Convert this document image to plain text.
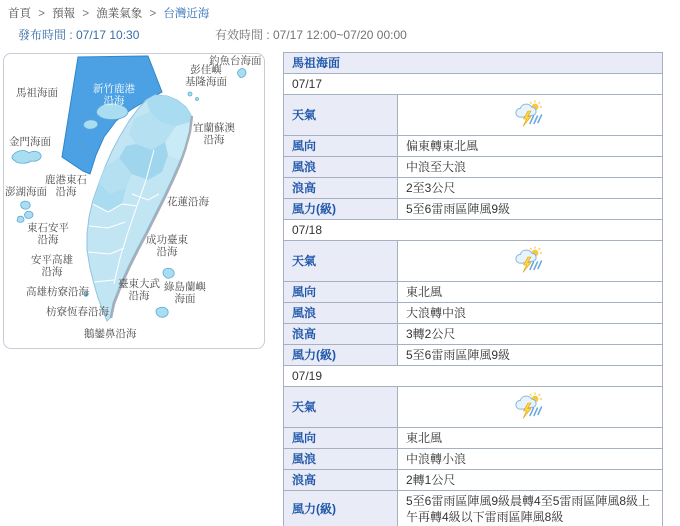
首頁 > 預報 > 漁業氣象 > 台灣近海
發布時間 : 07/17 10:30	有效時間 : 07/17 12:00~07/20 00:00
釣魚台海面
彭佳嶼
基隆海面
馬祖海面	新竹鹿港
沿海
金門海面
宜蘭蘇澳
沿海
鹿港東石
沿海
澎湖海面
花蓮沿海
東石安平
沿海	成功臺東
沿海
安平高雄
沿海
臺東大武
沿海
綠島蘭嶼
海面
高雄枋寮沿海
枋寮恆春沿海
鵝鑾鼻沿海
馬祖海面	
07/17	
天氣	
風向	偏東轉東北風
風浪	中浪至大浪
浪高	2至3公尺
風力(級)	5至6雷雨區陣風9級
07/18	
天氣	
風向	東北風
風浪	大浪轉中浪
浪高	3轉2公尺
風力(級)	5至6雷雨區陣風9級
07/19	
天氣	
風向	東北風
風浪	中浪轉小浪
浪高	2轉1公尺
風力(級)	5至6雷雨區陣風9級晨轉4至5雷雨區陣風8級上午再轉4級以下雷雨區陣風8級
